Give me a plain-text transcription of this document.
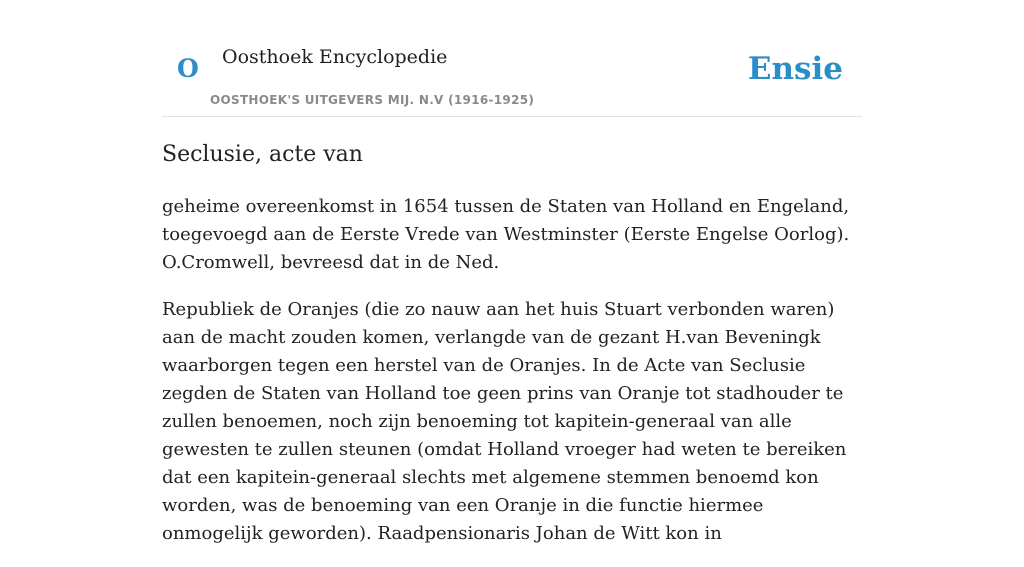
O Oosthoek Encyclopedie
OOSTHOEK'S UITGEVERS MIJ. N.V (1916-1925)
Ensie
Seclusie, acte van

geheime overeenkomst in 1654 tussen de Staten van Holland en Engeland, toegevoegd aan de Eerste Vrede van Westminster (Eerste Engelse Oorlog). O.Cromwell, bevreesd dat in de Ned.

Republiek de Oranjes (die zo nauw aan het huis Stuart verbonden waren) aan de macht zouden komen, verlangde van de gezant H.van Beveningk waarborgen tegen een herstel van de Oranjes. In de Acte van Seclusie zegden de Staten van Holland toe geen prins van Oranje tot stadhouder te zullen benoemen, noch zijn benoeming tot kapitein-generaal van alle gewesten te zullen steunen (omdat Holland vroeger had weten te bereiken dat een kapitein-generaal slechts met algemene stemmen benoemd kon worden, was de benoeming van een Oranje in die functie hiermee onmogelijk geworden). Raadpensionaris Johan de Witt kon in
